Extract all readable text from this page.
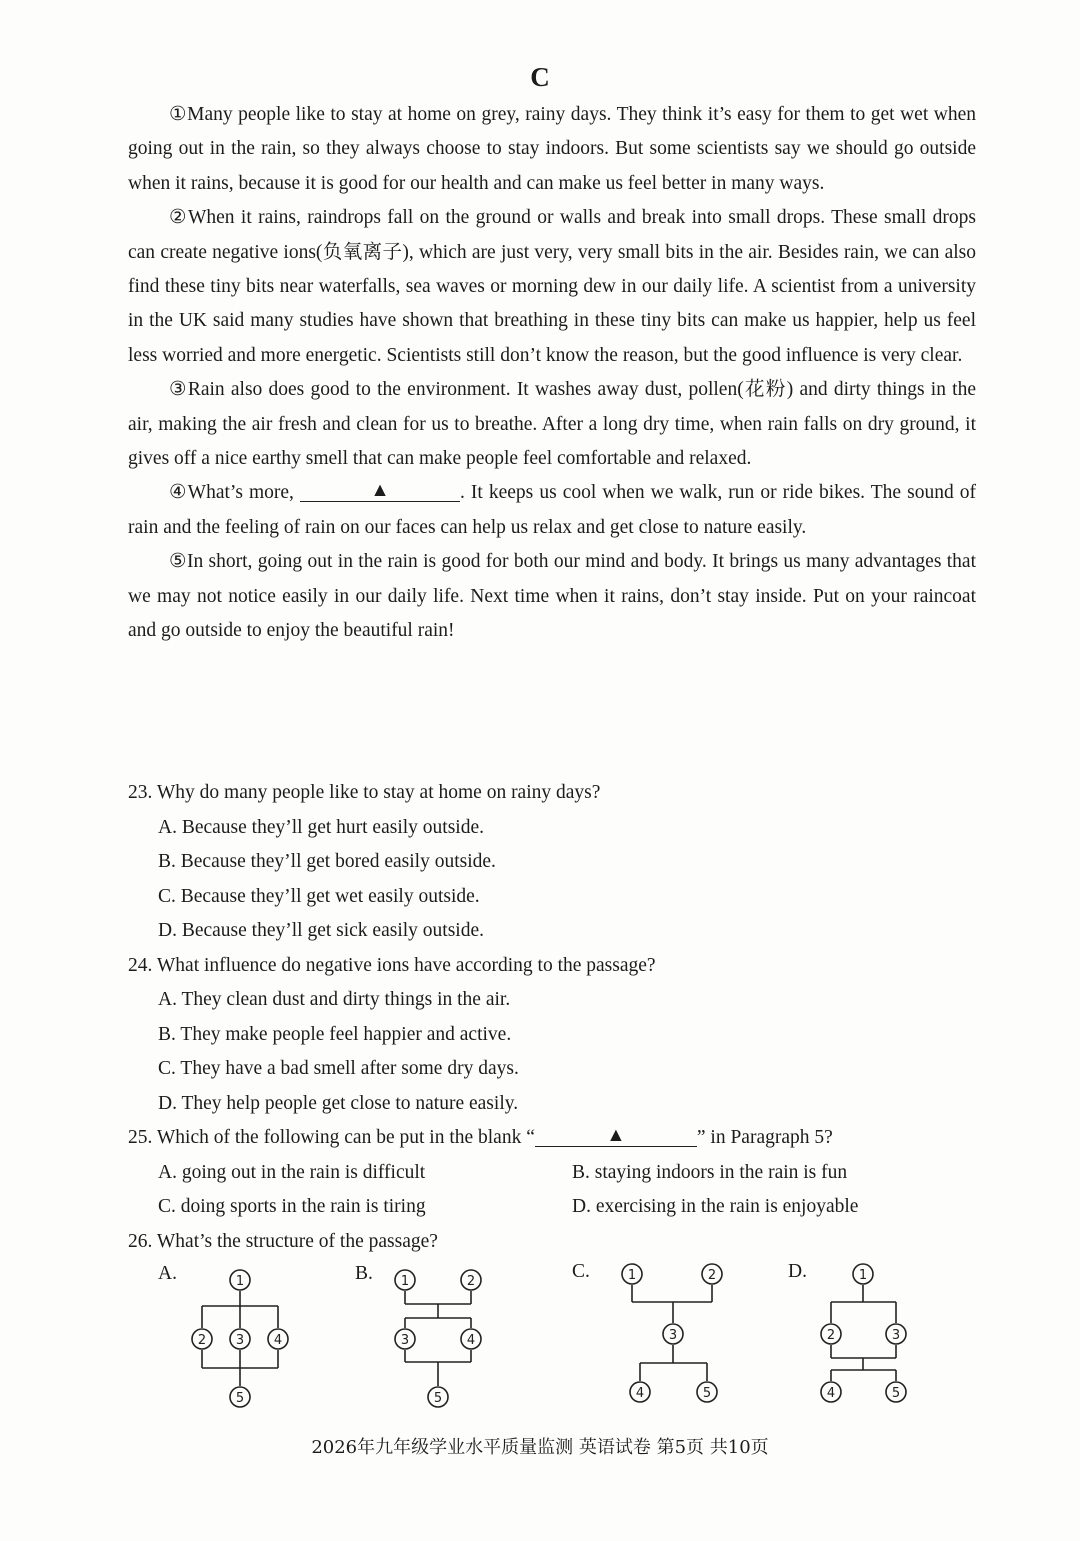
C

①Many people like to stay at home on grey, rainy days. They think it’s easy for them to get wet when going out in the rain, so they always choose to stay indoors. But some scientists say we should go outside when it rains, because it is good for our health and can make us feel better in many ways.

②When it rains, raindrops fall on the ground or walls and break into small drops. These small drops can create negative ions(负氧离子), which are just very, very small bits in the air. Besides rain, we can also find these tiny bits near waterfalls, sea waves or morning dew in our daily life. A scientist from a university in the UK said many studies have shown that breathing in these tiny bits can make us happier, help us feel less worried and more energetic. Scientists still don’t know the reason, but the good influence is very clear.

③Rain also does good to the environment. It washes away dust, pollen(花粉) and dirty things in the air, making the air fresh and clean for us to breathe. After a long dry time, when rain falls on dry ground, it gives off a nice earthy smell that can make people feel comfortable and relaxed.

④What’s more,	▲	. It keeps us cool when we walk, run or ride bikes. The sound of rain and the feeling of rain on our faces can help us relax and get close to nature easily.

⑤In short, going out in the rain is good for both our mind and body. It brings us many advantages that we may not notice easily in our daily life. Next time when it rains, don’t stay inside. Put on your raincoat and go outside to enjoy the beautiful rain!

23. Why do many people like to stay at home on rainy days?

A. Because they’ll get hurt easily outside.

B. Because they’ll get bored easily outside.

C. Because they’ll get wet easily outside.

D. Because they’ll get sick easily outside.

24. What influence do negative ions have according to the passage?

A. They clean dust and dirty things in the air.

B. They make people feel happier and active.

C. They have a bad smell after some dry days.

D. They help people get close to nature easily.

25. Which of the following can be put in the blank “	▲	” in Paragraph 5?

A. going out in the rain is difficult	B. staying indoors in the rain is fun
C. doing sports in the rain is tiring	D. exercising in the rain is enjoyable

26. What’s the structure of the passage?

A.	B.	C.	D.
1
2 3 4
5
1	2
3	4
5
1	2
3
4	5
1
2	3
4	5
2026年九年级学业水平质量监测 英语试卷 第5页 共10页
